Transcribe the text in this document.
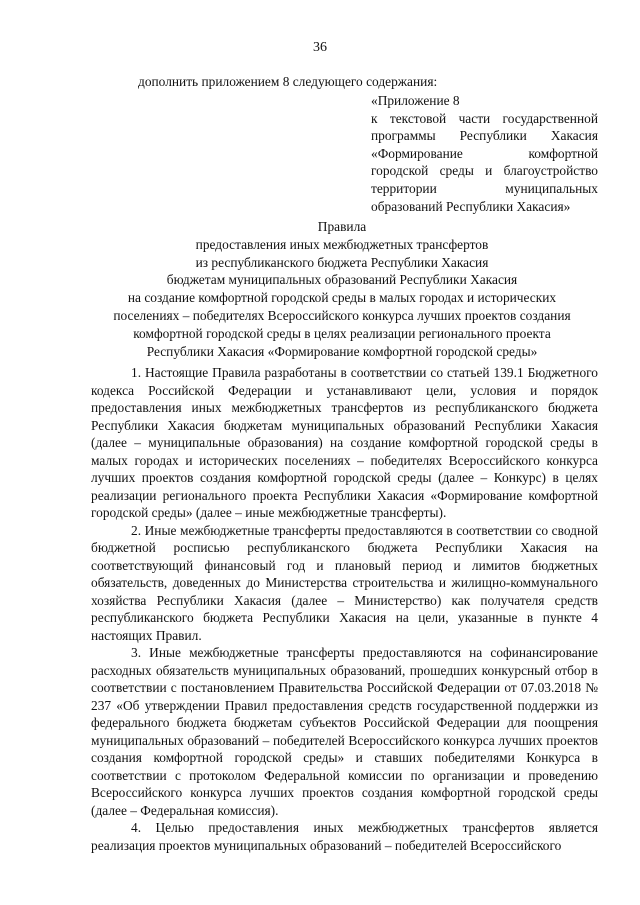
36
дополнить приложением 8 следующего содержания:
«Приложение 8
к текстовой части государственной
программы Республики Хакасия
«Формирование комфортной
городской среды и благоустройство
территории муниципальных
образований Республики Хакасия»
Правила
предоставления иных межбюджетных трансфертов
из республиканского бюджета Республики Хакасия
бюджетам муниципальных образований Республики Хакасия
на создание комфортной городской среды в малых городах и исторических
поселениях – победителях Всероссийского конкурса лучших проектов создания
комфортной городской среды в целях реализации регионального проекта
Республики Хакасия «Формирование комфортной городской среды»

1. Настоящие Правила разработаны в соответствии со статьей 139.1 Бюджетного кодекса Российской Федерации и устанавливают цели, условия и порядок предоставления иных межбюджетных трансфертов из республиканского бюджета Республики Хакасия бюджетам муниципальных образований Республики Хакасия (далее – муниципальные образования) на создание комфортной городской среды в малых городах и исторических поселениях – победителях Всероссийского конкурса лучших проектов создания комфортной городской среды (далее – Конкурс) в целях реализации регионального проекта Республики Хакасия «Формирование комфортной городской среды» (далее – иные межбюджетные трансферты).

2. Иные межбюджетные трансферты предоставляются в соответствии со сводной бюджетной росписью республиканского бюджета Республики Хакасия на соответствующий финансовый год и плановый период и лимитов бюджетных обязательств, доведенных до Министерства строительства и жилищно-коммунального хозяйства Республики Хакасия (далее – Министерство) как получателя средств республиканского бюджета Республики Хакасия на цели, указанные в пункте 4 настоящих Правил.

3. Иные межбюджетные трансферты предоставляются на софинансирование расходных обязательств муниципальных образований, прошедших конкурсный отбор в соответствии с постановлением Правительства Российской Федерации от 07.03.2018 № 237 «Об утверждении Правил предоставления средств государственной поддержки из федерального бюджета бюджетам субъектов Российской Федерации для поощрения муниципальных образований – победителей Всероссийского конкурса лучших проектов создания комфортной городской среды» и ставших победителями Конкурса в соответствии с протоколом Федеральной комиссии по организации и проведению Всероссийского конкурса лучших проектов создания комфортной городской среды (далее – Федеральная комиссия).

4. Целью предоставления иных межбюджетных трансфертов является реализация проектов муниципальных образований – победителей Всероссийского
